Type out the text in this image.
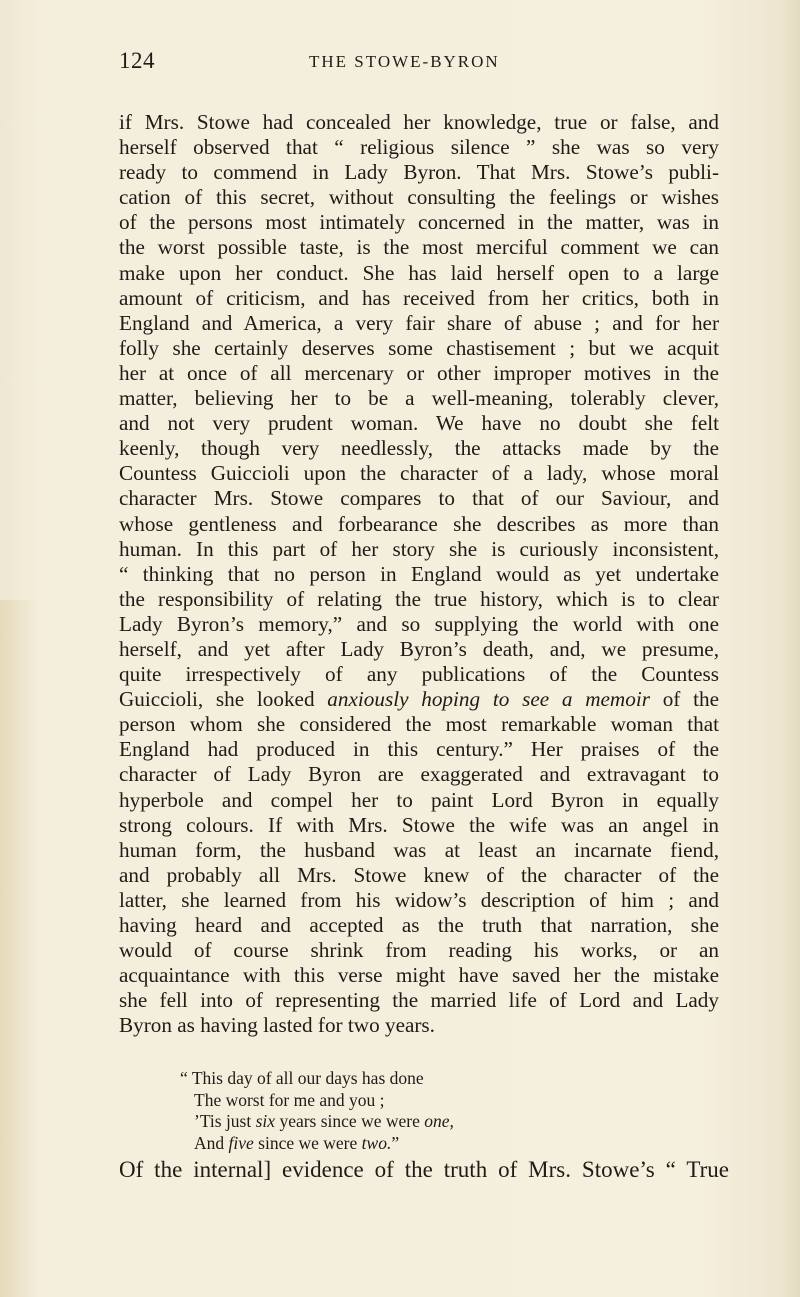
124	THE STOWE-BYRON
if Mrs. Stowe had concealed her knowledge, true or false, and
herself observed that “ religious silence ” she was so very
ready to commend in Lady Byron. That Mrs. Stowe’s publi-
cation of this secret, without consulting the feelings or wishes
of the persons most intimately concerned in the matter, was in
the worst possible taste, is the most merciful comment we can
make upon her conduct. She has laid herself open to a large
amount of criticism, and has received from her critics, both in
England and America, a very fair share of abuse ; and for her
folly she certainly deserves some chastisement ; but we acquit
her at once of all mercenary or other improper motives in the
matter, believing her to be a well-meaning, tolerably clever,
and not very prudent woman. We have no doubt she felt
keenly, though very needlessly, the attacks made by the
Countess Guiccioli upon the character of a lady, whose moral
character Mrs. Stowe compares to that of our Saviour, and
whose gentleness and forbearance she describes as more than
human. In this part of her story she is curiously inconsistent,
“ thinking that no person in England would as yet undertake
the responsibility of relating the true history, which is to clear
Lady Byron’s memory,” and so supplying the world with one
herself, and yet after Lady Byron’s death, and, we presume,
quite irrespectively of any publications of the Countess
Guiccioli, she looked anxiously hoping to see a memoir of the
person whom she considered the most remarkable woman that
England had produced in this century.” Her praises of the
character of Lady Byron are exaggerated and extravagant to
hyperbole and compel her to paint Lord Byron in equally
strong colours. If with Mrs. Stowe the wife was an angel in
human form, the husband was at least an incarnate fiend,
and probably all Mrs. Stowe knew of the character of the
latter, she learned from his widow’s description of him ; and
having heard and accepted as the truth that narration, she
would of course shrink from reading his works, or an
acquaintance with this verse might have saved her the mistake
she fell into of representing the married life of Lord and Lady
Byron as having lasted for two years.
“ This day of all our days has done
The worst for me and you ;
’Tis just six years since we were one,
And five since we were two.”
Of the internal] evidence of the truth of Mrs. Stowe’s “ True
